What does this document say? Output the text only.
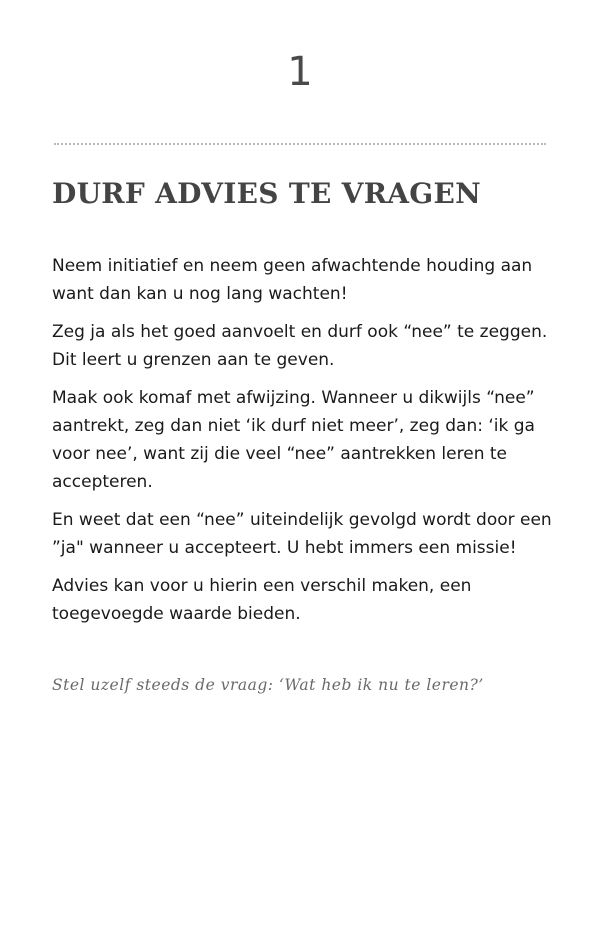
1
DURF ADVIES TE VRAGEN

Neem initiatief en neem geen afwachtende houding aan
want dan kan u nog lang wachten!

Zeg ja als het goed aanvoelt en durf ook “nee” te zeggen.
Dit leert u grenzen aan te geven.

Maak ook komaf met afwijzing. Wanneer u dikwijls “nee”
aantrekt, zeg dan niet ‘ik durf niet meer’, zeg dan: ‘ik ga
voor nee’, want zij die veel “nee” aantrekken leren te
accepteren.

En weet dat een “nee” uiteindelijk gevolgd wordt door een
”ja" wanneer u accepteert. U hebt immers een missie!

Advies kan voor u hierin een verschil maken, een
toegevoegde waarde bieden.

Stel uzelf steeds de vraag: ‘Wat heb ik nu te leren?’
